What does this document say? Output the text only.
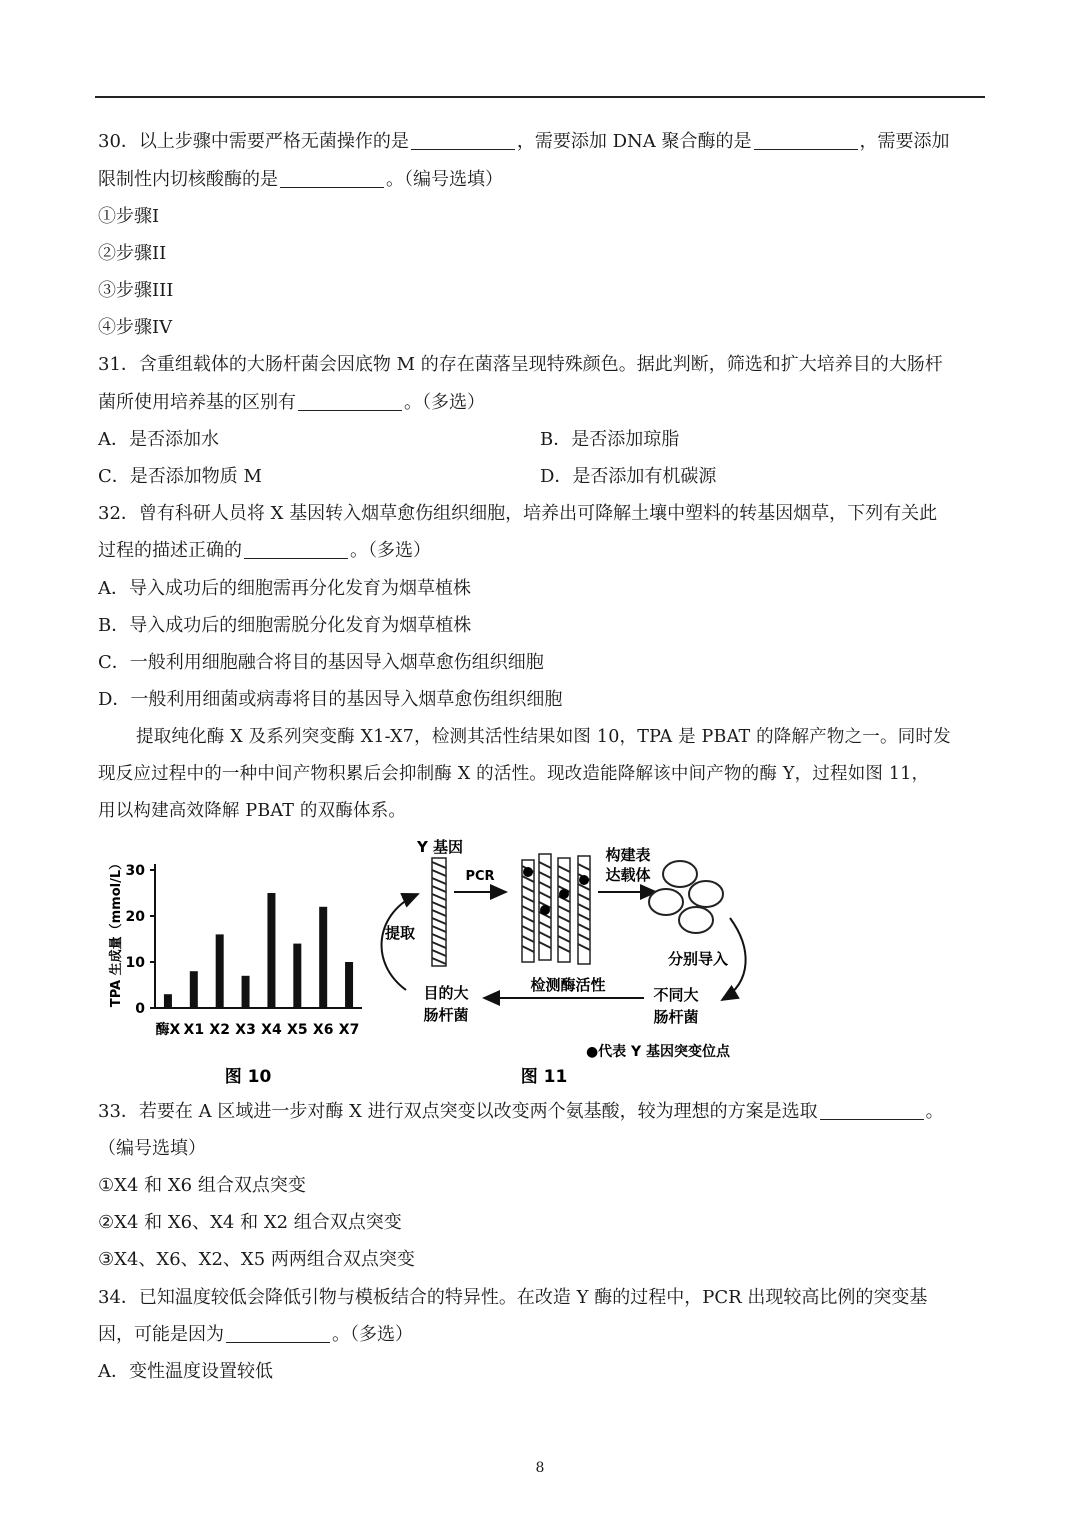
30．以上步骤中需要严格无菌操作的是	，需要添加 DNA 聚合酶的是	，需要添加
限制性内切核酸酶的是	。（编号选填）
①步骤I
②步骤II
③步骤III
④步骤IV
31．含重组载体的大肠杆菌会因底物 M 的存在菌落呈现特殊颜色。据此判断，筛选和扩大培养目的大肠杆
菌所使用培养基的区别有	。（多选）
A．是否添加水	B．是否添加琼脂
C．是否添加物质 M	D．是否添加有机碳源
32．曾有科研人员将 X 基因转入烟草愈伤组织细胞，培养出可降解土壤中塑料的转基因烟草，下列有关此
过程的描述正确的	。（多选）
A．导入成功后的细胞需再分化发育为烟草植株
B．导入成功后的细胞需脱分化发育为烟草植株
C．一般利用细胞融合将目的基因导入烟草愈伤组织细胞
D．一般利用细菌或病毒将目的基因导入烟草愈伤组织细胞
提取纯化酶 X 及系列突变酶 X1-X7，检测其活性结果如图 10，TPA 是 PBAT 的降解产物之一。同时发
现反应过程中的一种中间产物积累后会抑制酶 X 的活性。现改造能降解该中间产物的酶 Y，过程如图 11，
用以构建高效降解 PBAT 的双酶体系。
TPA 生成量（mmol/L）
0
10
20
30
酶X X1 X2 X3 X4 X5 X6 X7
图 10
Y 基因
PCR
构建表
达载体
分别导入
不同大
肠杆菌
检测酶活性
目的大
肠杆菌
提取
●代表 Y 基因突变位点
图 11
33．若要在 A 区域进一步对酶 X 进行双点突变以改变两个氨基酸，较为理想的方案是选取	。
（编号选填）
①X4 和 X6 组合双点突变
②X4 和 X6、X4 和 X2 组合双点突变
③X4、X6、X2、X5 两两组合双点突变
34．已知温度较低会降低引物与模板结合的特异性。在改造 Y 酶的过程中，PCR 出现较高比例的突变基
因，可能是因为	。（多选）
A．变性温度设置较低
8
